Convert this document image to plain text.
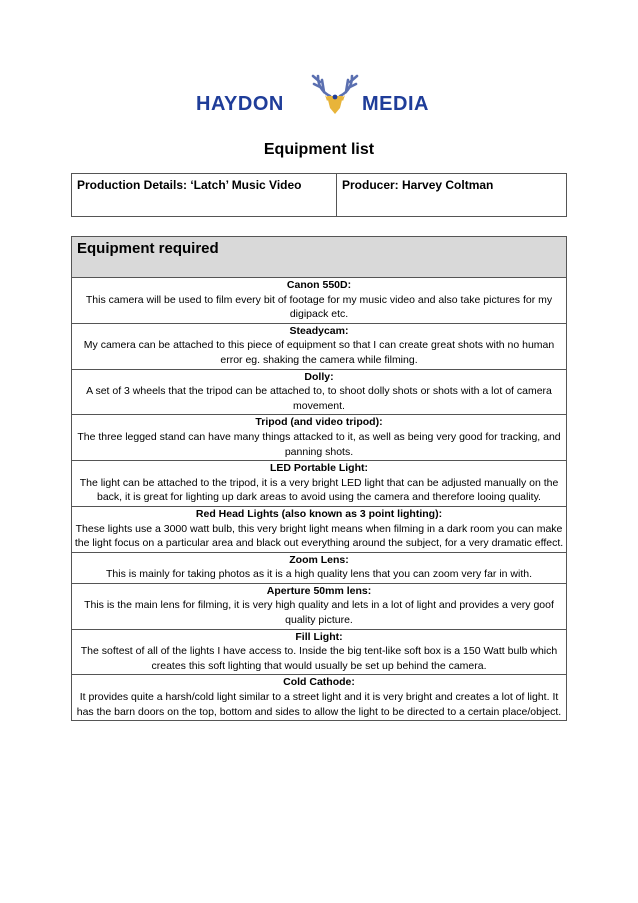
HAYDON	MEDIA
Equipment list
Production Details: ‘Latch’ Music Video	Producer: Harvey Coltman
Equipment required

Canon 550D:
This camera will be used to film every bit of footage for my music video and also take pictures for my digipack etc.

Steadycam:
My camera can be attached to this piece of equipment so that I can create great shots with no human error eg. shaking the camera while filming.

Dolly:
A set of 3 wheels that the tripod can be attached to, to shoot dolly shots or shots with a lot of camera movement.

Tripod (and video tripod):
The three legged stand can have many things attacked to it, as well as being very good for tracking, and panning shots.

LED Portable Light:
The light can be attached to the tripod, it is a very bright LED light that can be adjusted manually on the back, it is great for lighting up dark areas to avoid using the camera and therefore looing quality.

Red Head Lights (also known as 3 point lighting):
These lights use a 3000 watt bulb, this very bright light means when filming in a dark room you can make the light focus on a particular area and black out everything around the subject, for a very dramatic effect.

Zoom Lens:
This is mainly for taking photos as it is a high quality lens that you can zoom very far in with.

Aperture 50mm lens:
This is the main lens for filming, it is very high quality and lets in a lot of light and provides a very goof quality picture.

Fill Light:
The softest of all of the lights I have access to. Inside the big tent-like soft box is a 150 Watt bulb which creates this soft lighting that would usually be set up behind the camera.

Cold Cathode:
It provides quite a harsh/cold light similar to a street light and it is very bright and creates a lot of light. It has the barn doors on the top, bottom and sides to allow the light to be directed to a certain place/object.
